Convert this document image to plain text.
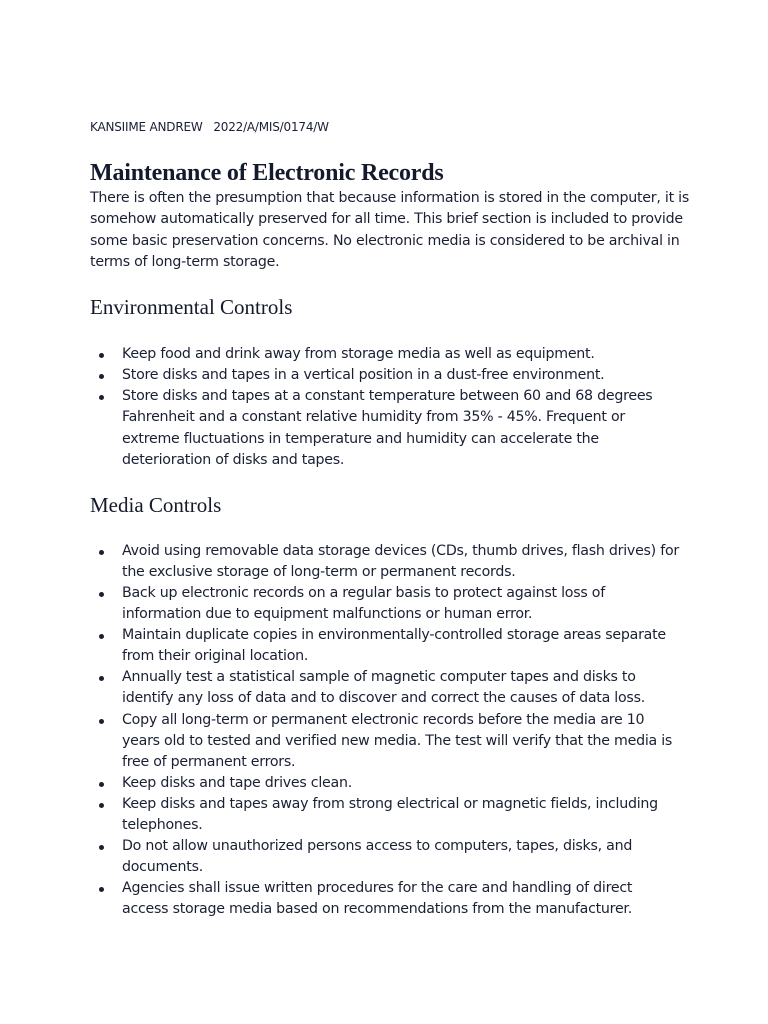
KANSIIME ANDREW   2022/A/MIS/0174/W
Maintenance of Electronic Records

There is often the presumption that because information is stored in the computer, it is somehow automatically preserved for all time. This brief section is included to provide some basic preservation concerns. No electronic media is considered to be archival in terms of long-term storage.

Environmental Controls
Keep food and drink away from storage media as well as equipment.
Store disks and tapes in a vertical position in a dust-free environment.
Store disks and tapes at a constant temperature between 60 and 68 degrees Fahrenheit and a constant relative humidity from 35% - 45%. Frequent or extreme fluctuations in temperature and humidity can accelerate the deterioration of disks and tapes.
Media Controls
Avoid using removable data storage devices (CDs, thumb drives, flash drives) for the exclusive storage of long-term or permanent records.
Back up electronic records on a regular basis to protect against loss of information due to equipment malfunctions or human error.
Maintain duplicate copies in environmentally-controlled storage areas separate from their original location.
Annually test a statistical sample of magnetic computer tapes and disks to identify any loss of data and to discover and correct the causes of data loss.
Copy all long-term or permanent electronic records before the media are 10 years old to tested and verified new media. The test will verify that the media is free of permanent errors.
Keep disks and tape drives clean.
Keep disks and tapes away from strong electrical or magnetic fields, including telephones.
Do not allow unauthorized persons access to computers, tapes, disks, and documents.
Agencies shall issue written procedures for the care and handling of direct access storage media based on recommendations from the manufacturer.
